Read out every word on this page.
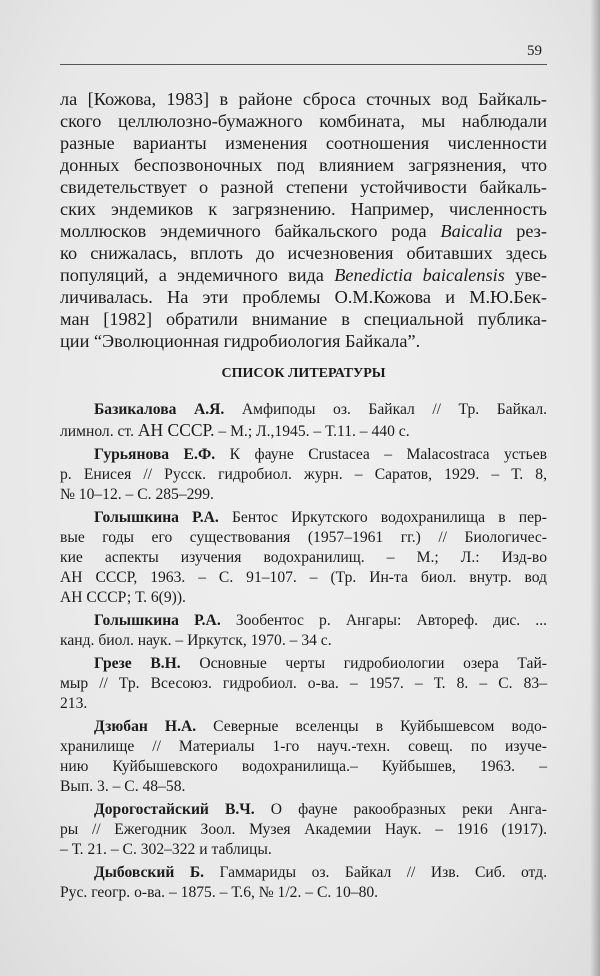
59
ла [Кожова, 1983] в районе сброса сточных вод Байкаль-
ского целлюлозно-бумажного комбината, мы наблюдали
разные варианты изменения соотношения численности
донных беспозвоночных под влиянием загрязнения, что
свидетельствует о разной степени устойчивости байкаль-
ских эндемиков к загрязнению. Например, численность
моллюсков эндемичного байкальского рода Baicalia рез-
ко снижалась, вплоть до исчезновения обитавших здесь
популяций, а эндемичного вида Benedictia baicalensis уве-
личивалась. На эти проблемы О.М.Кожова и М.Ю.Бек-
ман [1982] обратили внимание в специальной публика-
ции “Эволюционная гидробиология Байкала”.
СПИСОК ЛИТЕРАТУРЫ
Базикалова А.Я. Амфиподы оз. Байкал // Тр. Байкал.
лимнол. ст. АН СССР. – М.; Л.,1945. – Т.11. – 440 с.
Гурьянова Е.Ф. К фауне Crustacea – Malacostraca устьев
р. Енисея // Русск. гидробиол. журн. – Саратов, 1929. – Т. 8,
№ 10–12. – С. 285–299.
Голышкина Р.А. Бентос Иркутского водохранилища в пер-
вые годы его существования (1957–1961 гг.) // Биологичес-
кие аспекты изучения водохранилищ. – М.; Л.: Изд-во
АН СССР, 1963. – С. 91–107. – (Тр. Ин-та биол. внутр. вод
АН СССР; Т. 6(9)).
Голышкина Р.А. Зообентос р. Ангары: Автореф. дис. ...
канд. биол. наук. – Иркутск, 1970. – 34 с.
Грезе В.Н. Основные черты гидробиологии озера Тай-
мыр // Тр. Всесоюз. гидробиол. о-ва. – 1957. – Т. 8. – С. 83–
213.
Дзюбан Н.А. Северные вселенцы в Куйбышевсом водо-
хранилище // Материалы 1-го науч.-техн. совещ. по изуче-
нию Куйбышевского водохранилища.– Куйбышев, 1963. –
Вып. 3. – С. 48–58.
Дорогостайский В.Ч. О фауне ракообразных реки Анга-
ры // Ежегодник Зоол. Музея Академии Наук. – 1916 (1917).
– Т. 21. – С. 302–322 и таблицы.
Дыбовский Б. Гаммариды оз. Байкал // Изв. Сиб. отд.
Рус. геогр. о-ва. – 1875. – Т.6, № 1/2. – С. 10–80.
